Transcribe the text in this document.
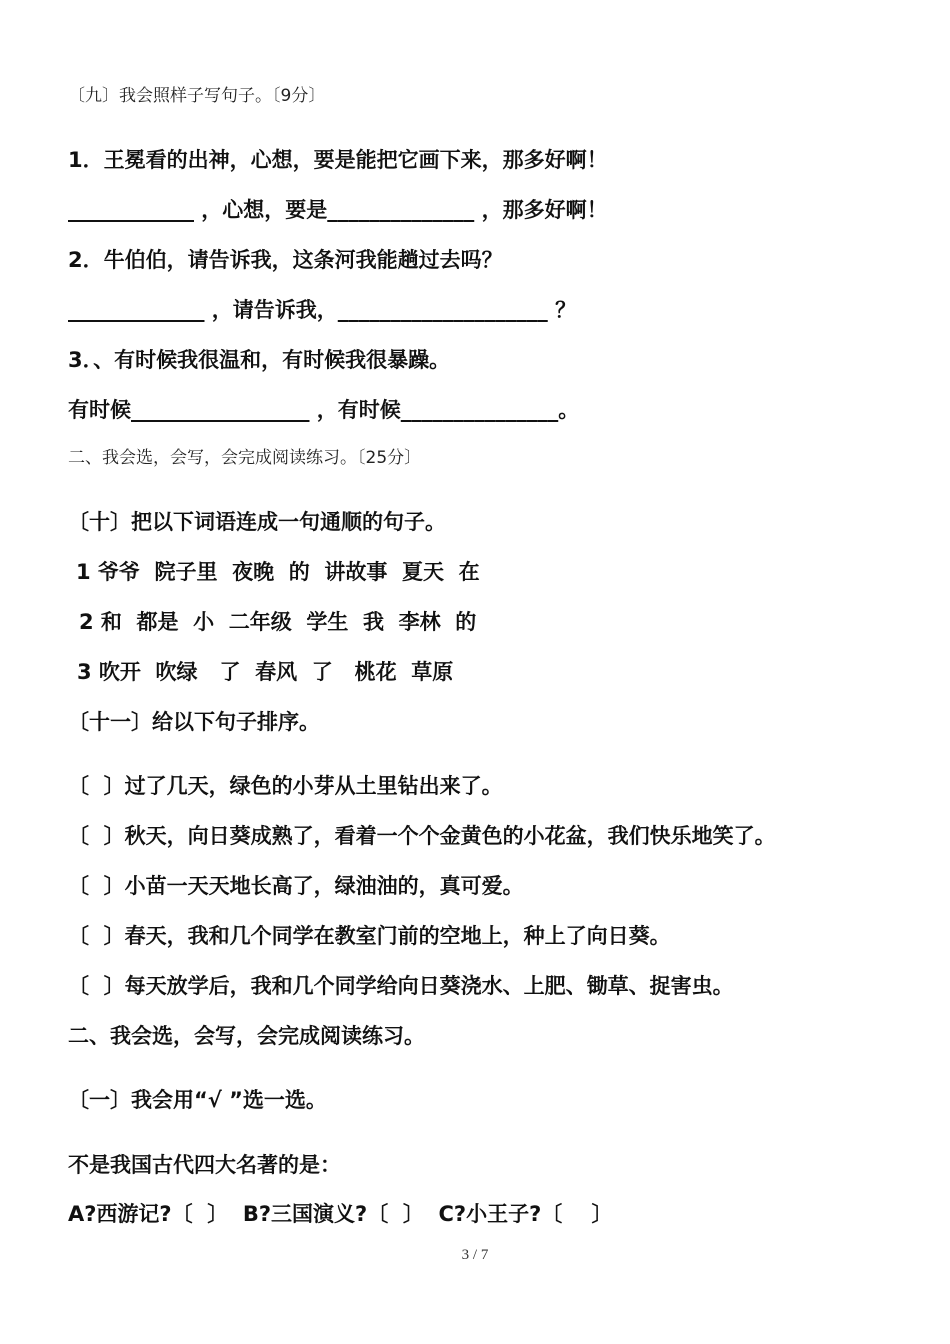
〔九〕我会照样子写句子。〔9分〕
1．王冕看的出神，心想，要是能把它画下来，那多好啊！
____________ ，心想，要是______________ ，那多好啊！
2．牛伯伯，请告诉我，这条河我能趟过去吗？
_____________ ，请告诉我，____________________ ？
3．、有时候我很温和，有时候我很暴躁。
有时候_________________ ，有时候_______________。
二、我会选，会写，会完成阅读练习。〔25分〕
〔十〕把以下词语连成一句通顺的句子。
1 爷爷  院子里  夜晚  的  讲故事  夏天  在
2 和  都是  小  二年级  学生  我  李林  的
3 吹开  吹绿   了  春风  了   桃花  草原
〔十一〕给以下句子排序。
〔  〕过了几天，绿色的小芽从土里钻出来了。
〔  〕秋天，向日葵成熟了，看着一个个金黄色的小花盆，我们快乐地笑了。
〔  〕小苗一天天地长高了，绿油油的，真可爱。
〔  〕春天，我和几个同学在教室门前的空地上，种上了向日葵。
〔  〕每天放学后，我和几个同学给向日葵浇水、上肥、锄草、捉害虫。
二、我会选，会写，会完成阅读练习。
〔一〕我会用“√ ”选一选。
不是我国古代四大名著的是：
A?西游记?〔  〕  B?三国演义?〔  〕  C?小王子?〔    〕
3 / 7
